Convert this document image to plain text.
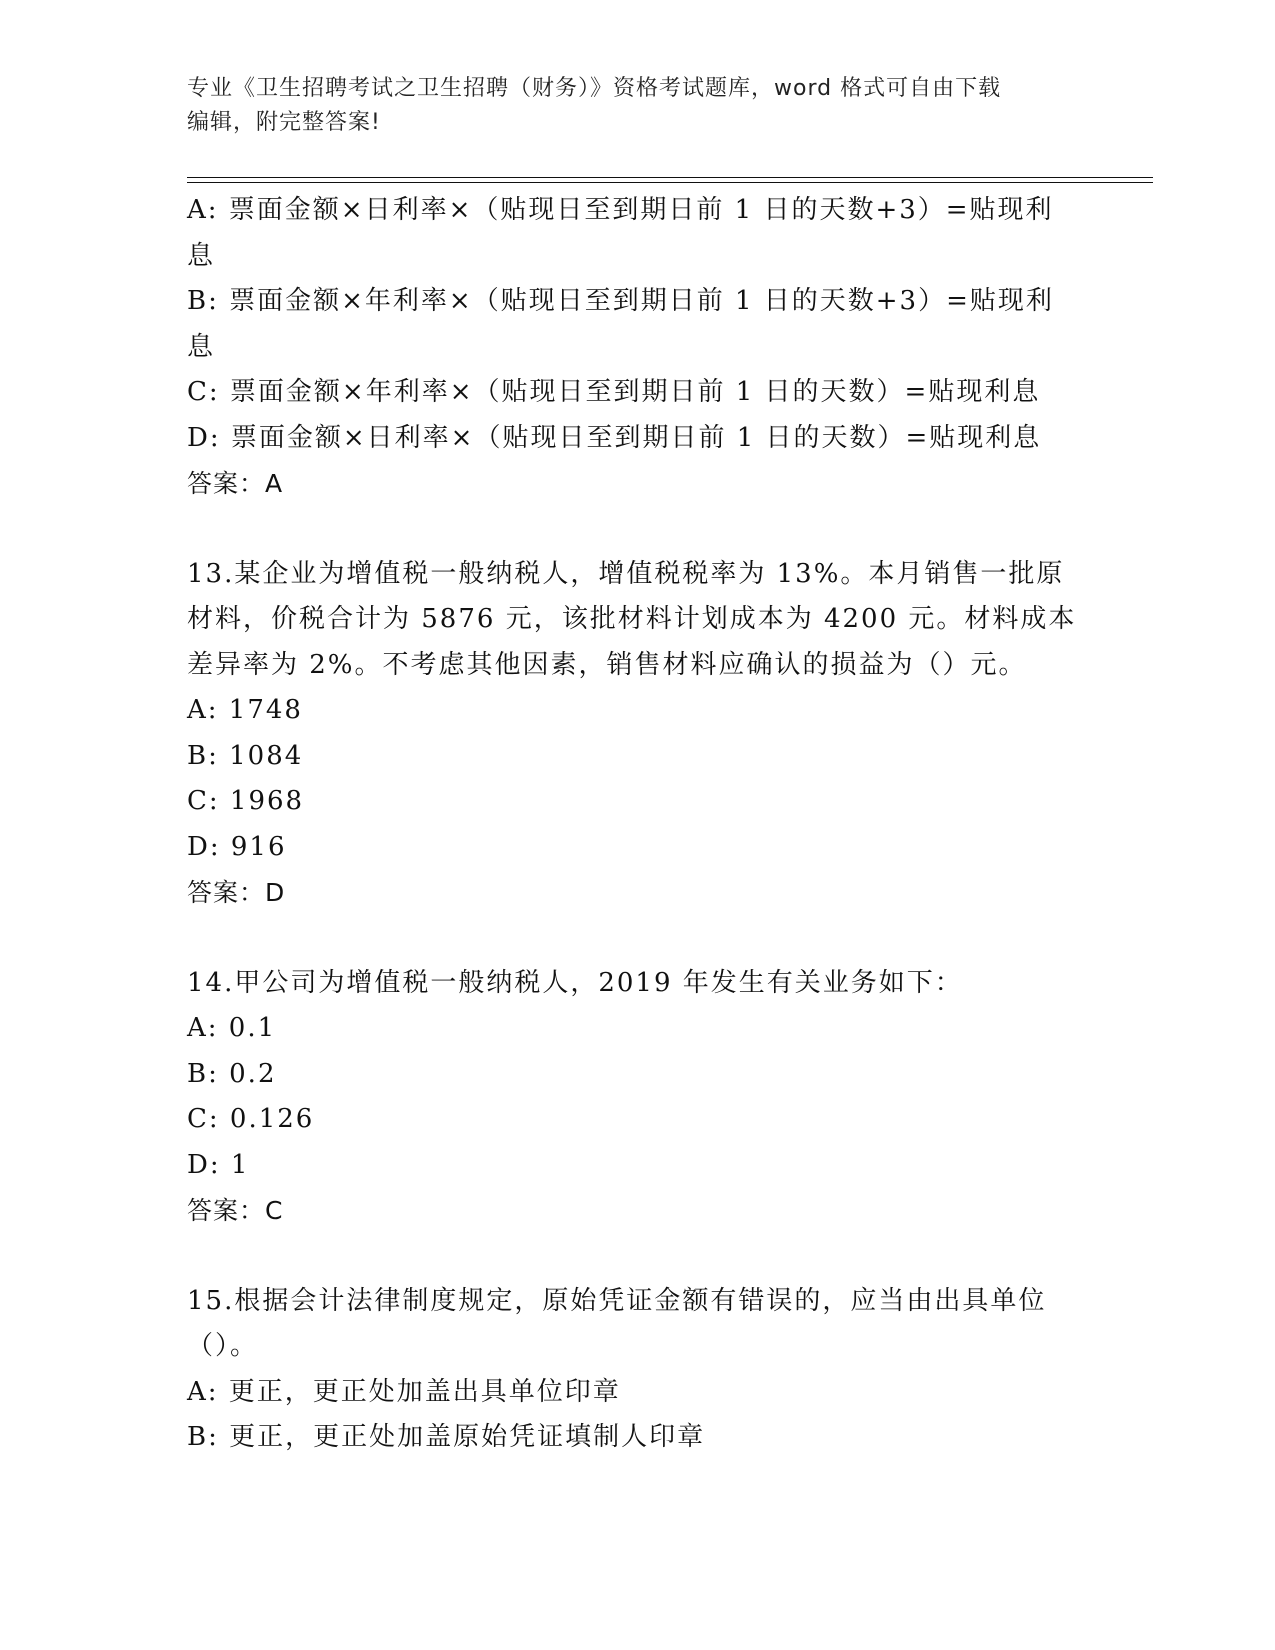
专业《卫生招聘考试之卫生招聘（财务）》资格考试题库，word 格式可自由下载
编辑，附完整答案!
A: 票面金额×日利率×（贴现日至到期日前 1 日的天数+3）=贴现利
息
B: 票面金额×年利率×（贴现日至到期日前 1 日的天数+3）=贴现利
息
C: 票面金额×年利率×（贴现日至到期日前 1 日的天数）=贴现利息
D: 票面金额×日利率×（贴现日至到期日前 1 日的天数）=贴现利息
答案：A
13.某企业为增值税一般纳税人，增值税税率为 13%。本月销售一批原
材料，价税合计为 5876 元，该批材料计划成本为 4200 元。材料成本
差异率为 2%。不考虑其他因素，销售材料应确认的损益为（）元。
A: 1748
B: 1084
C: 1968
D: 916
答案：D
14.甲公司为增值税一般纳税人，2019 年发生有关业务如下：
A: 0.1
B: 0.2
C: 0.126
D: 1
答案：C
15.根据会计法律制度规定，原始凭证金额有错误的，应当由出具单位
（）。
A: 更正，更正处加盖出具单位印章
B: 更正，更正处加盖原始凭证填制人印章
